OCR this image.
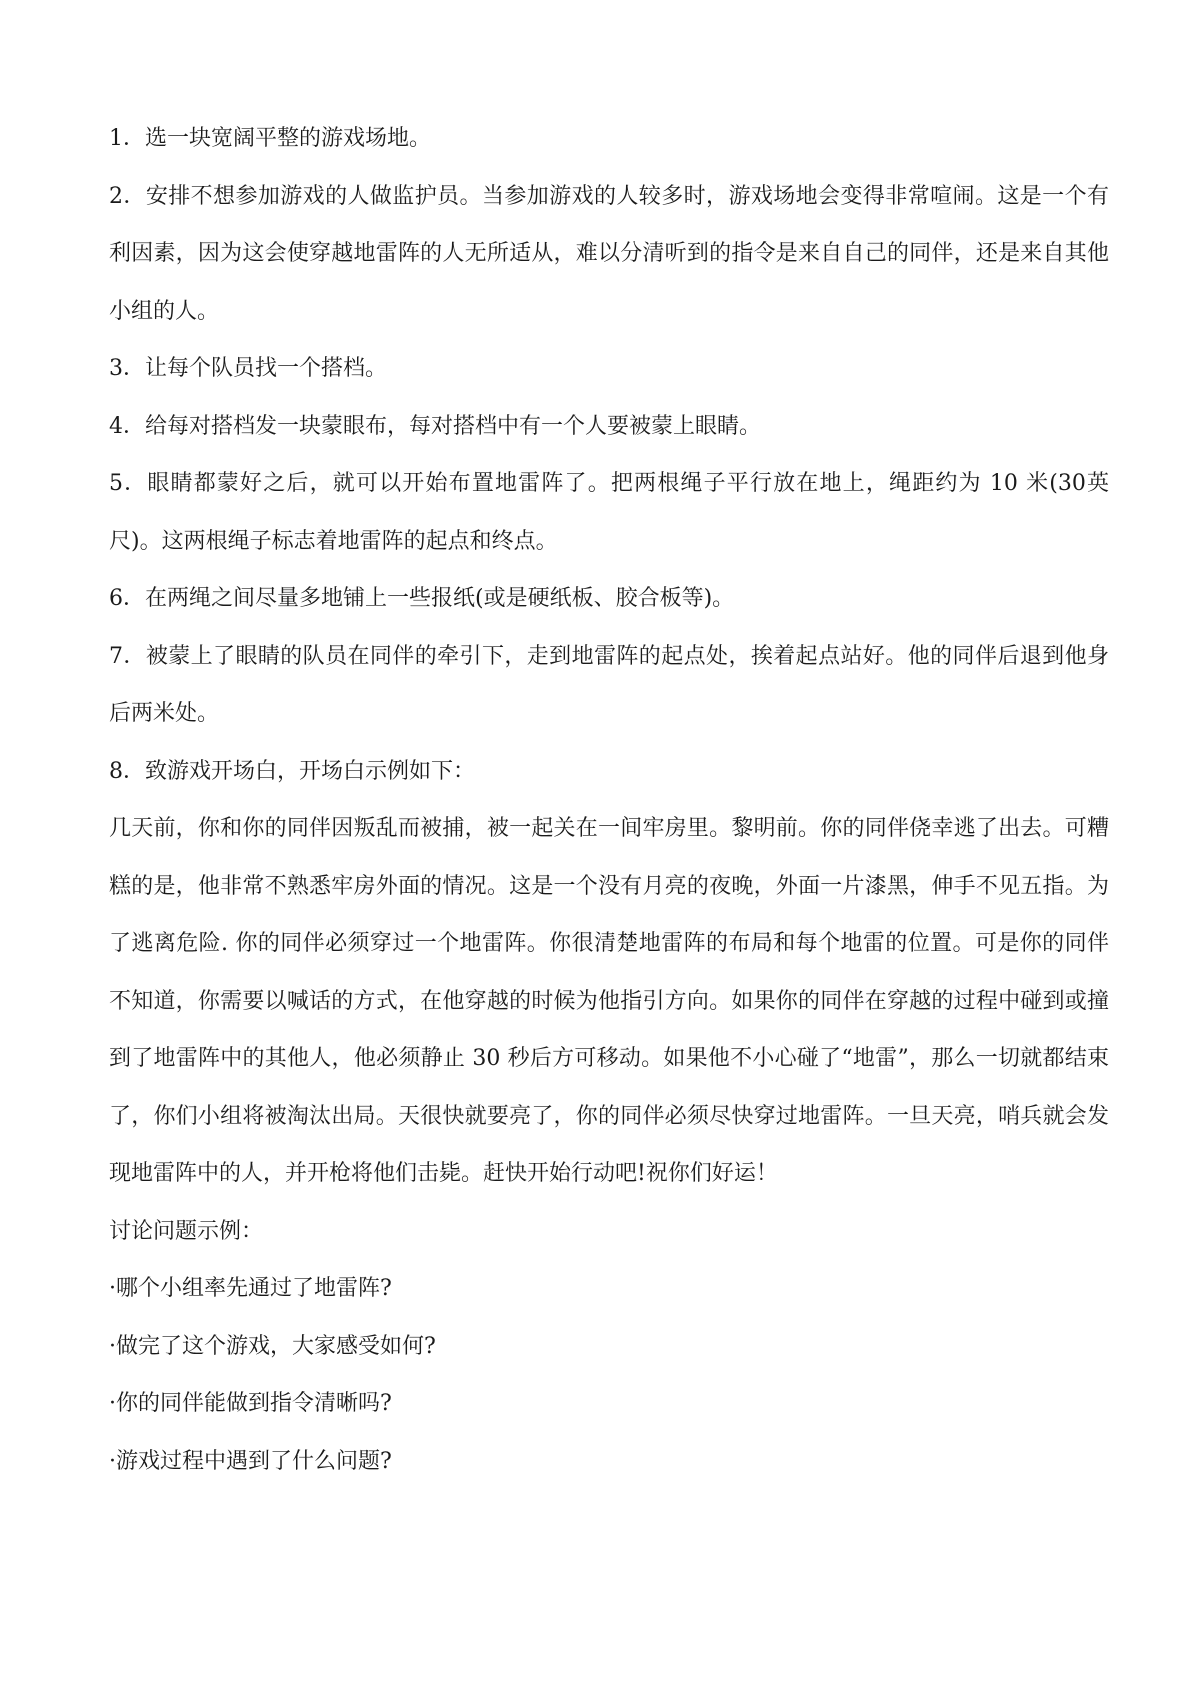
1．选一块宽阔平整的游戏场地。

2．安排不想参加游戏的人做监护员。当参加游戏的人较多时，游戏场地会变得非常喧闹。这是一个有利因素，因为这会使穿越地雷阵的人无所适从，难以分清听到的指令是来自自己的同伴，还是来自其他小组的人。

3．让每个队员找一个搭档。

4．给每对搭档发一块蒙眼布，每对搭档中有一个人要被蒙上眼睛。

5．眼睛都蒙好之后，就可以开始布置地雷阵了。把两根绳子平行放在地上，绳距约为 10 米(30英尺)。这两根绳子标志着地雷阵的起点和终点。

6．在两绳之间尽量多地铺上一些报纸(或是硬纸板、胶合板等)。

7．被蒙上了眼睛的队员在同伴的牵引下，走到地雷阵的起点处，挨着起点站好。他的同伴后退到他身后两米处。

8．致游戏开场白，开场白示例如下：

几天前，你和你的同伴因叛乱而被捕，被一起关在一间牢房里。黎明前。你的同伴侥幸逃了出去。可糟糕的是，他非常不熟悉牢房外面的情况。这是一个没有月亮的夜晚，外面一片漆黑，伸手不见五指。为了逃离危险. 你的同伴必须穿过一个地雷阵。你很清楚地雷阵的布局和每个地雷的位置。可是你的同伴不知道，你需要以喊话的方式，在他穿越的时候为他指引方向。如果你的同伴在穿越的过程中碰到或撞到了地雷阵中的其他人，他必须静止 30 秒后方可移动。如果他不小心碰了“地雷”，那么一切就都结束了，你们小组将被淘汰出局。天很快就要亮了，你的同伴必须尽快穿过地雷阵。一旦天亮，哨兵就会发现地雷阵中的人，并开枪将他们击毙。赶快开始行动吧!祝你们好运！

讨论问题示例：

·哪个小组率先通过了地雷阵?

·做完了这个游戏，大家感受如何?

·你的同伴能做到指令清晰吗?

·游戏过程中遇到了什么问题?
